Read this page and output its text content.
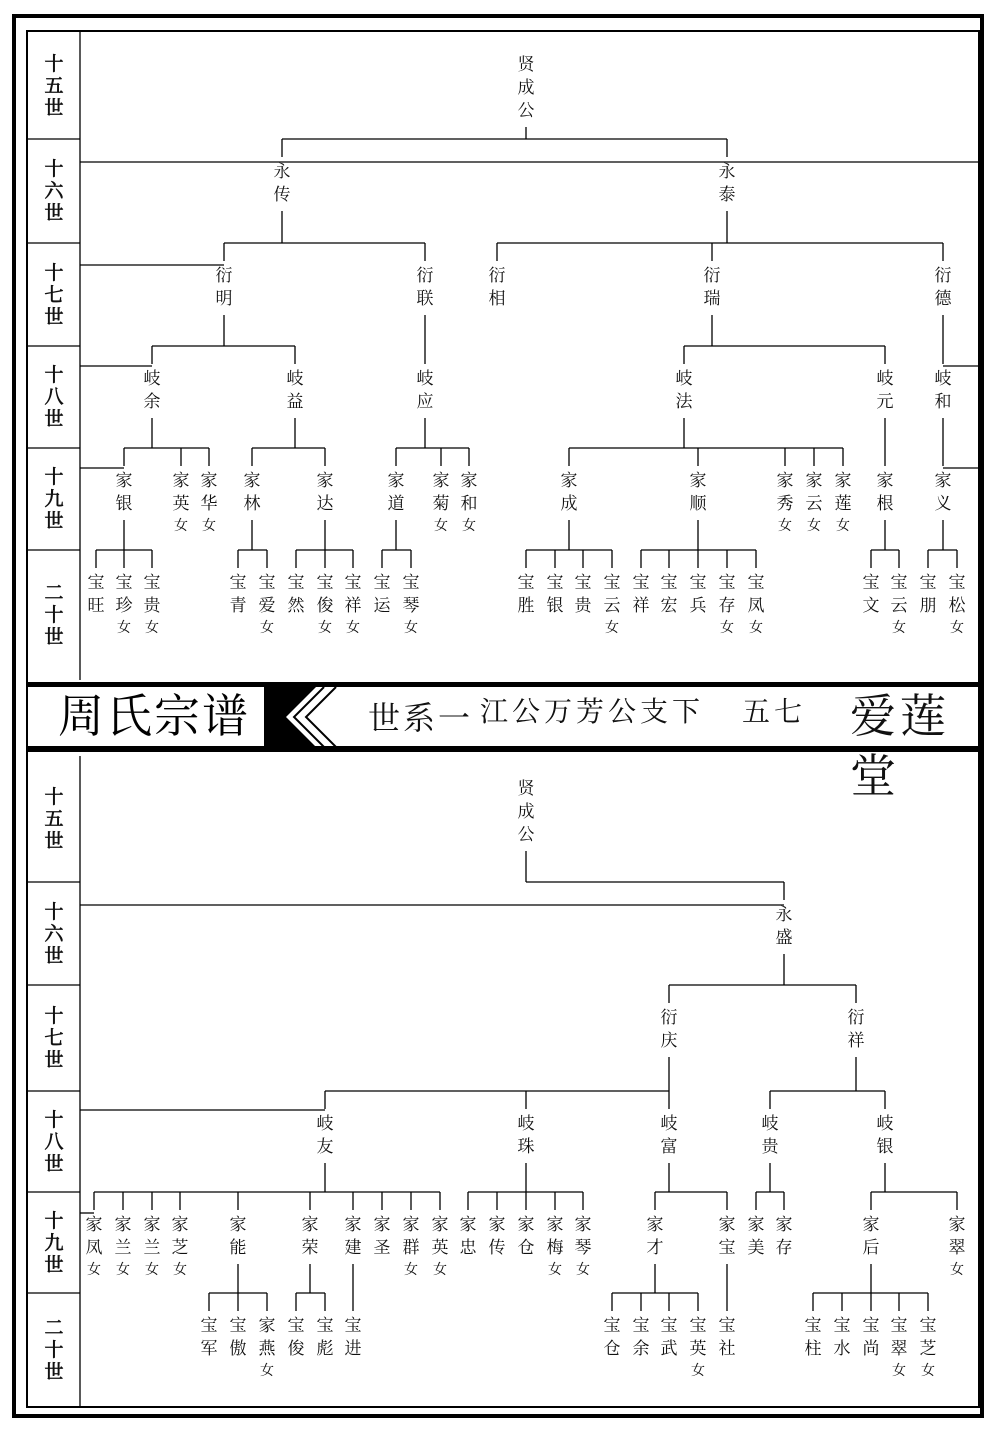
十
五
世
十
六
世
十
七
世
十
八
世
十
九
世
二
十
世
贤
成
公
永
传
永
泰
衍
明
衍
联
衍
相
衍
瑞
衍
德
岐
余
岐
益
岐
应
岐
法
岐
元
岐
和
家
银
家
英
女
家
华
女
家
林
家
达
家
道
家
菊
女
家
和
女
家
成
家
顺
家
秀
女
家
云
女
家
莲
女
家
根
家
义
宝
旺
宝
珍
女
宝
贵
女
宝
青
宝
爱
女
宝
然
宝
俊
女
宝
祥
女
宝
运
宝
琴
女
宝
胜
宝
银
宝
贵
宝
云
女
宝
祥
宝
宏
宝
兵
宝
存
女
宝
凤
女
宝
文
宝
云
女
宝
朋
宝
松
女
十
五
世
十
六
世
十
七
世
十
八
世
十
九
世
二
十
世
贤
成
公
永
盛
衍
庆
衍
祥
岐
友
岐
珠
岐
富
岐
贵
岐
银
家
凤
女
家
兰
女
家
兰
女
家
芝
女
家
能
家
荣
家
建
家
圣
家
群
女
家
英
女
家
忠
家
传
家
仓
家
梅
女
家
琴
女
家
才
家
宝
家
美
家
存
家
后
家
翠
女
宝
军
宝
傲
家
燕
女
宝
俊
宝
彪
宝
进
宝
仓
宝
余
宝
武
宝
英
女
宝
社
宝
柱
宝
水
宝
尚
宝
翠
女
宝
芝
女
周氏宗谱	世系一 江公万芳公支下 五七 爱莲堂
